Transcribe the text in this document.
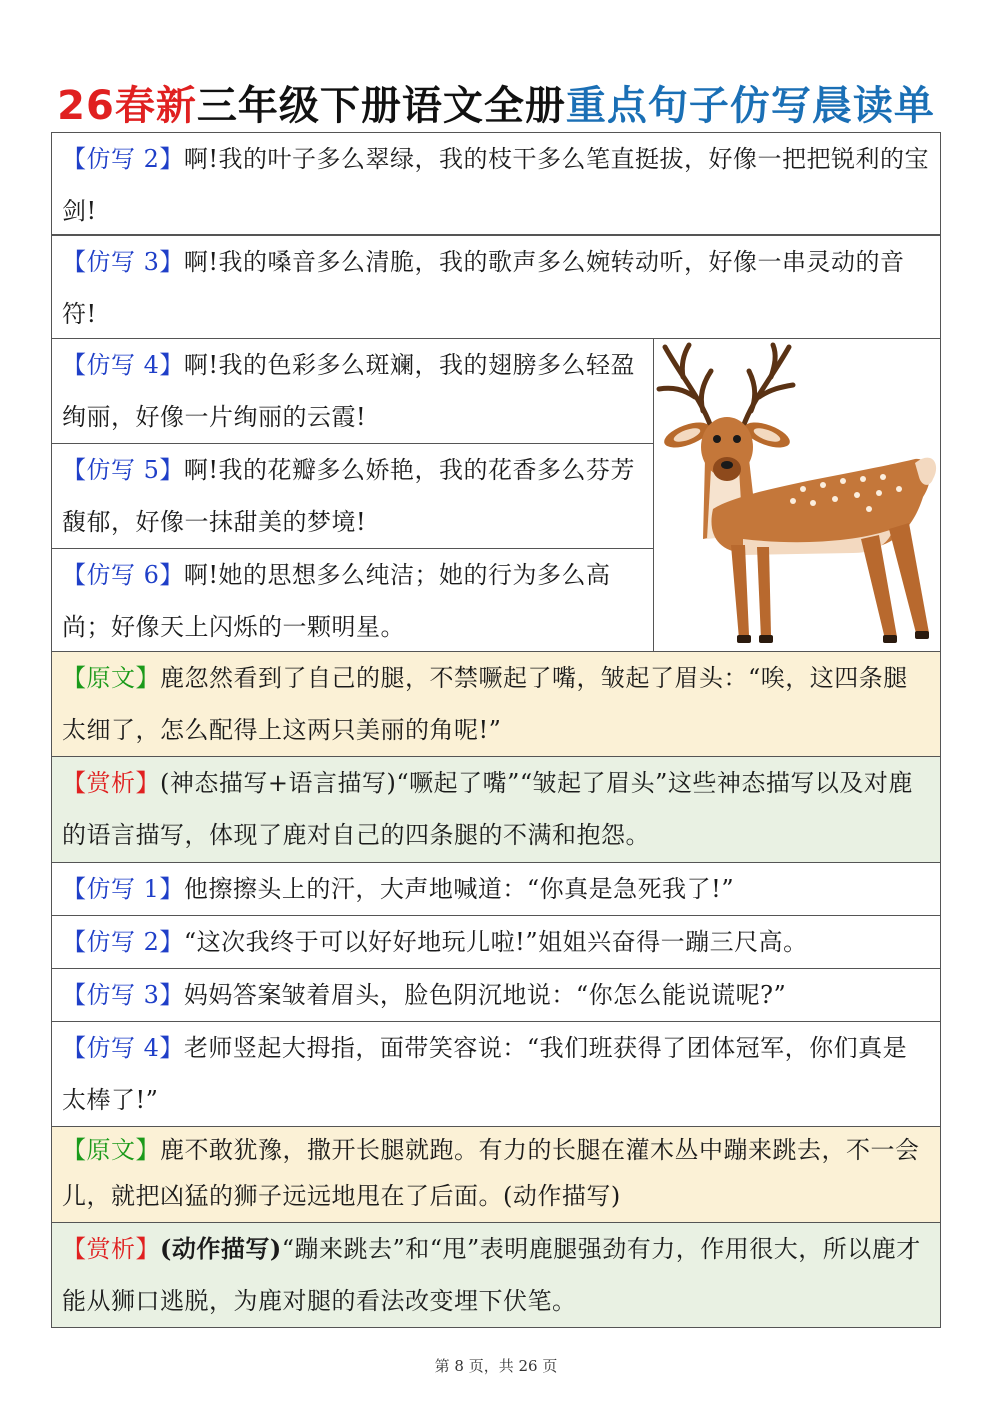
26春新三年级下册语文全册重点句子仿写晨读单
【仿写 2】啊!我的叶子多么翠绿，我的枝干多么笔直挺拔，好像一把把锐利的宝剑!
【仿写 3】啊!我的嗓音多么清脆，我的歌声多么婉转动听，好像一串灵动的音符!
【仿写 4】啊!我的色彩多么斑斓，我的翅膀多么轻盈绚丽，好像一片绚丽的云霞!
【仿写 5】啊!我的花瓣多么娇艳，我的花香多么芬芳馥郁，好像一抹甜美的梦境!
【仿写 6】啊!她的思想多么纯洁；她的行为多么高尚；好像天上闪烁的一颗明星。
【原文】鹿忽然看到了自己的腿，不禁噘起了嘴，皱起了眉头：“唉，这四条腿太细了，怎么配得上这两只美丽的角呢!”
【赏析】(神态描写+语言描写)“噘起了嘴”“皱起了眉头”这些神态描写以及对鹿的语言描写，体现了鹿对自己的四条腿的不满和抱怨。
【仿写 1】他擦擦头上的汗，大声地喊道：“你真是急死我了!”
【仿写 2】“这次我终于可以好好地玩儿啦!”姐姐兴奋得一蹦三尺高。
【仿写 3】妈妈答案皱着眉头，脸色阴沉地说：“你怎么能说谎呢?”
【仿写 4】老师竖起大拇指，面带笑容说：“我们班获得了团体冠军，你们真是太棒了!”
【原文】鹿不敢犹豫，撒开长腿就跑。有力的长腿在灌木丛中蹦来跳去，不一会儿，就把凶猛的狮子远远地甩在了后面。(动作描写)
【赏析】(动作描写)“蹦来跳去”和“甩”表明鹿腿强劲有力，作用很大，所以鹿才能从狮口逃脱，为鹿对腿的看法改变埋下伏笔。
第 8 页，共 26 页
